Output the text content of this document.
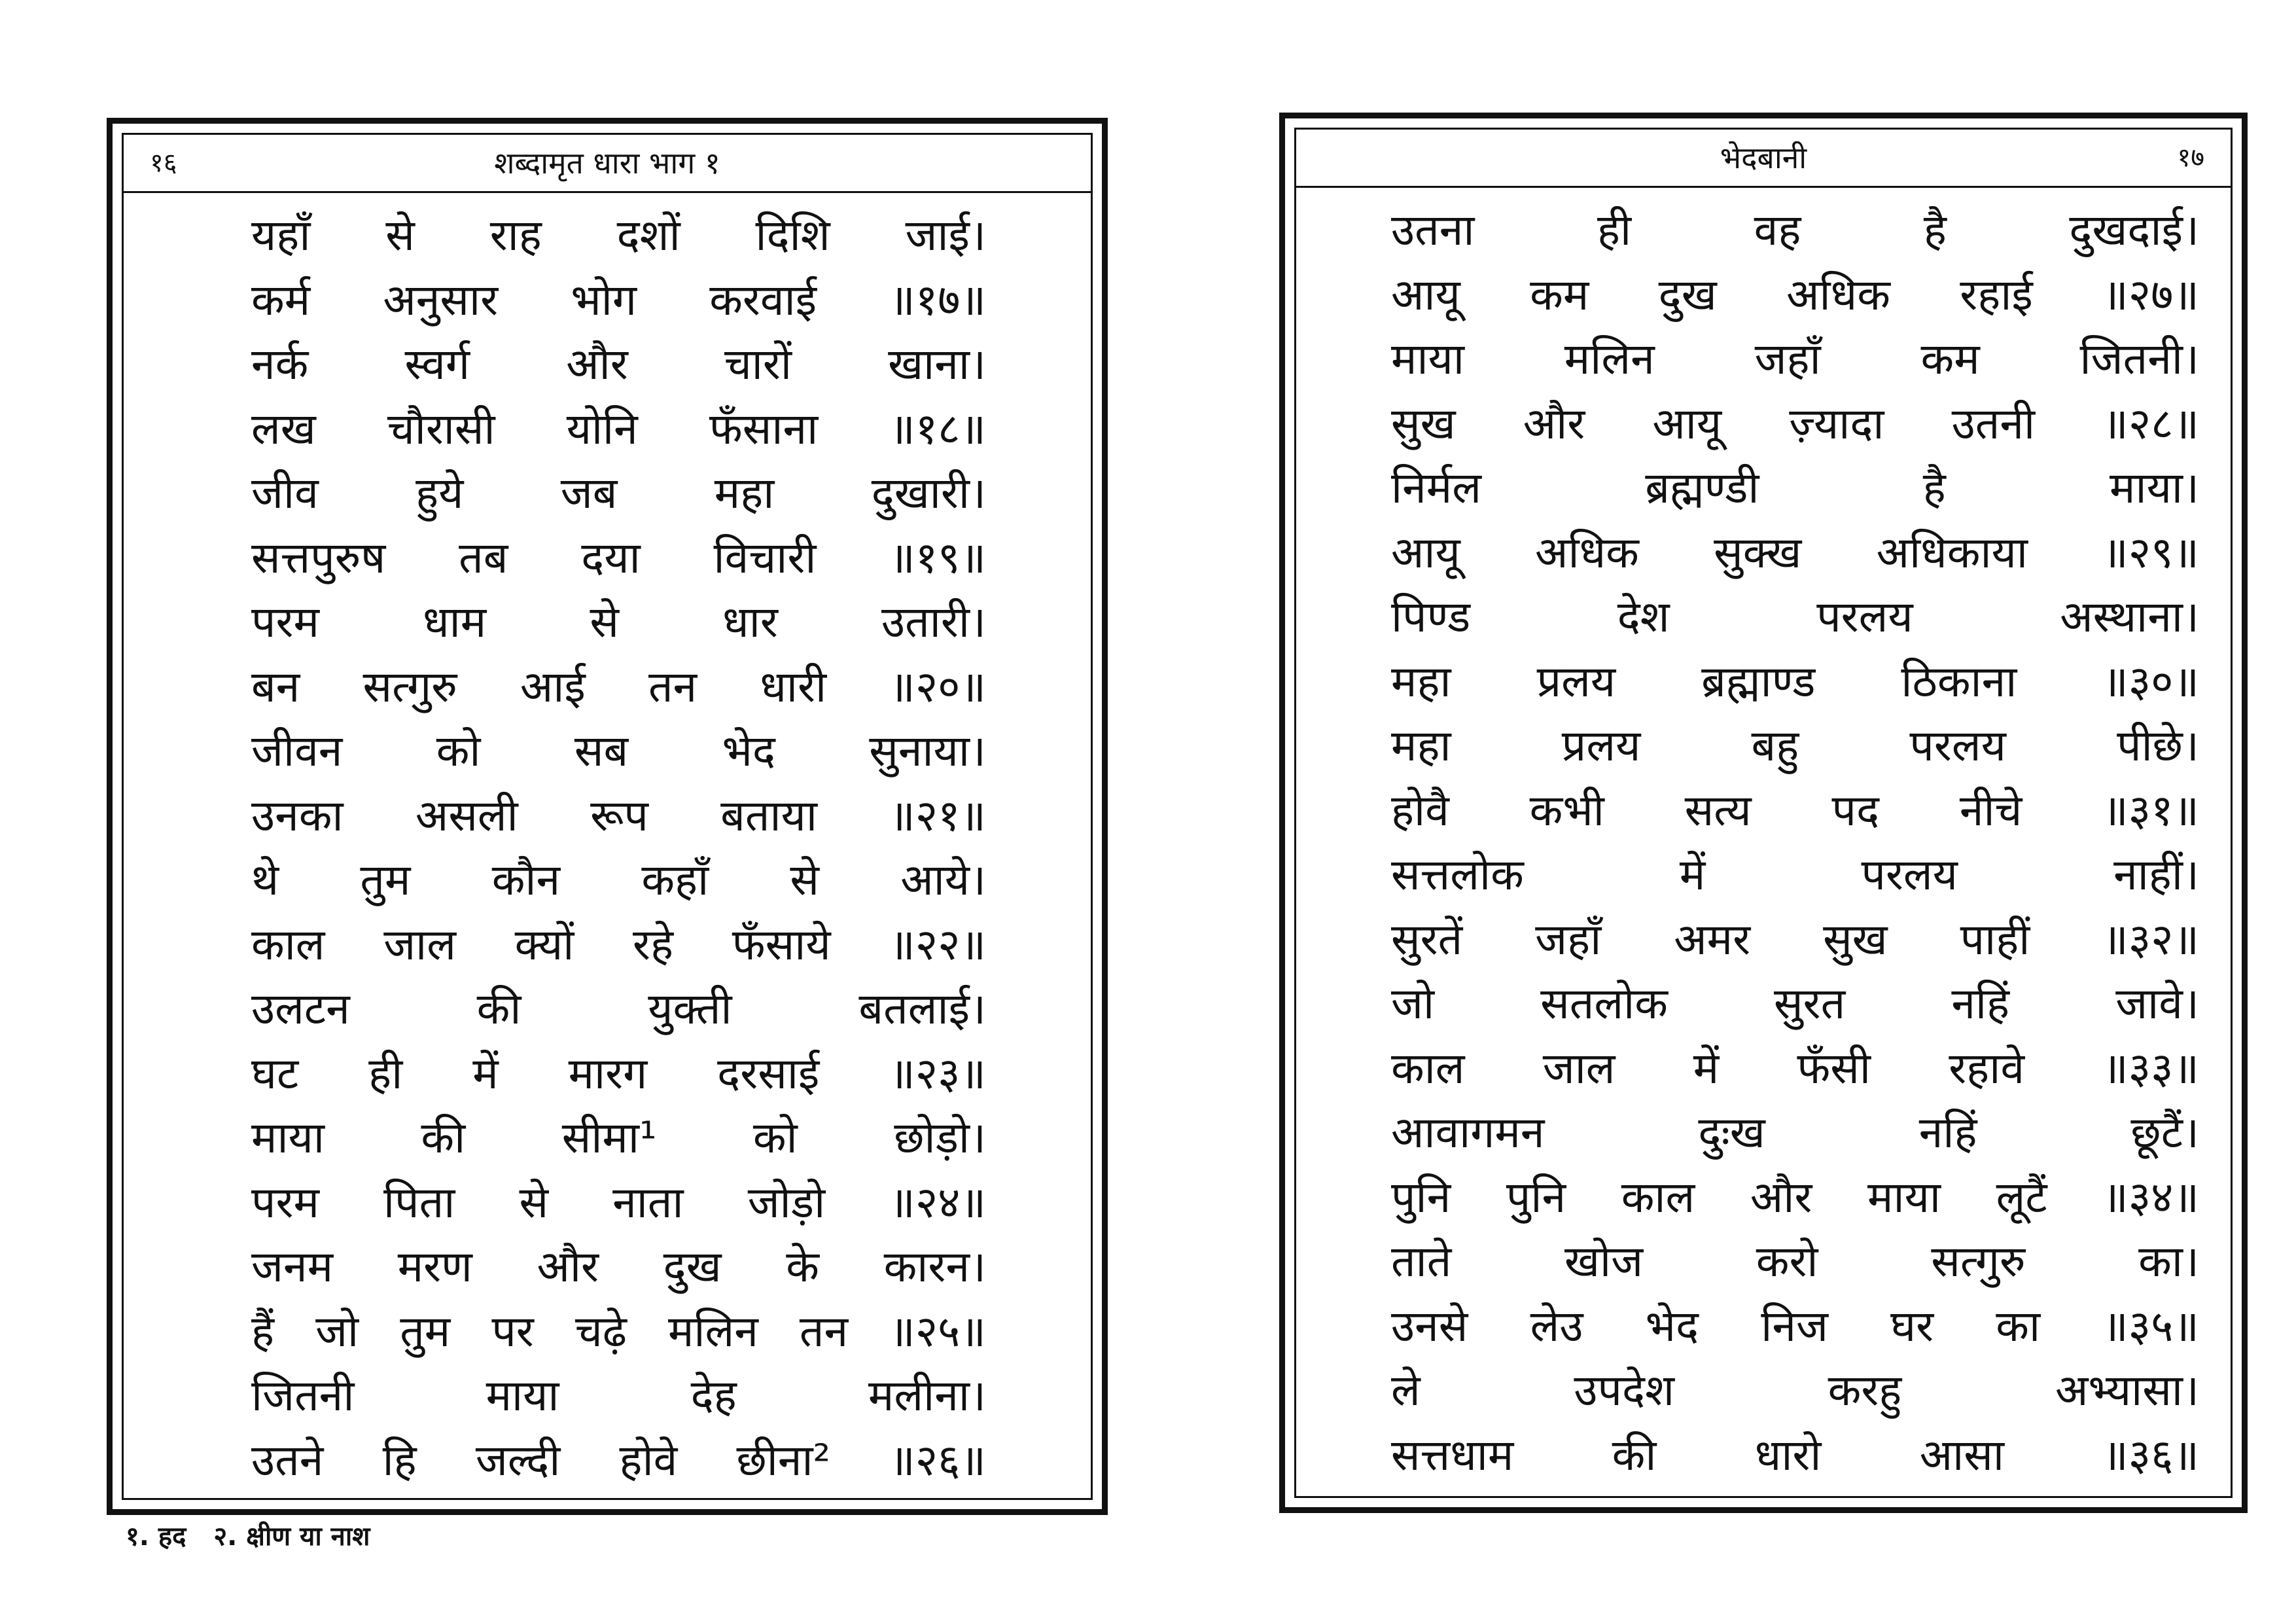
१६	शब्दामृत धारा भाग १
यहाँ से राह दशों दिशि जाई।
कर्म अनुसार भोग करवाई ॥१७॥
नर्क स्वर्ग और चारों खाना।
लख चौरासी योनि फँसाना ॥१८॥
जीव हुये जब महा दुखारी।
सत्तपुरुष तब दया विचारी ॥१९॥
परम धाम से धार उतारी।
बन सत्गुरु आई तन धारी ॥२०॥
जीवन को सब भेद सुनाया।
उनका असली रूप बताया ॥२१॥
थे तुम कौन कहाँ से आये।
काल जाल क्यों रहे फँसाये ॥२२॥
उलटन	की	युक्ती	बतलाई।
घट ही में मारग दरसाई ॥२३॥
माया की सीमा¹ को छोड़ो।
परम पिता से नाता जोड़ो ॥२४॥
जनम मरण और दुख के कारन।
हैं जो तुम पर चढ़े मलिन तन ॥२५॥
जितनी	माया	देह	मलीना।
उतने हि जल्दी होवे छीना² ॥२६॥
भेदबानी	१७
उतना	ही	वह	है	दुखदाई।
आयू कम दुख अधिक रहाई ॥२७॥
माया मलिन जहाँ कम जितनी।
सुख और आयू ज़्यादा उतनी ॥२८॥
निर्मल	ब्रह्मण्डी	है	माया।
आयू अधिक सुक्ख अधिकाया ॥२९॥
पिण्ड	देश	परलय	अस्थाना।
महा प्रलय ब्रह्माण्ड ठिकाना ॥३०॥
महा	प्रलय	बहु	परलय	पीछे।
होवै कभी सत्य पद नीचे ॥३१॥
सत्तलोक	में	परलय	नाहीं।
सुरतें जहाँ अमर सुख पाहीं ॥३२॥
जो सतलोक सुरत नहिं जावे।
काल जाल में फँसी रहावे ॥३३॥
आवागमन	दुःख	नहिं	छूटैं।
पुनि पुनि काल और माया लूटैं ॥३४॥
ताते	खोज	करो	सत्गुरु	का।
उनसे लेउ भेद निज घर का ॥३५॥
ले	उपदेश	करहु	अभ्यासा।
सत्तधाम की धारो आसा ॥३६॥
१. हद २. क्षीण या नाश
